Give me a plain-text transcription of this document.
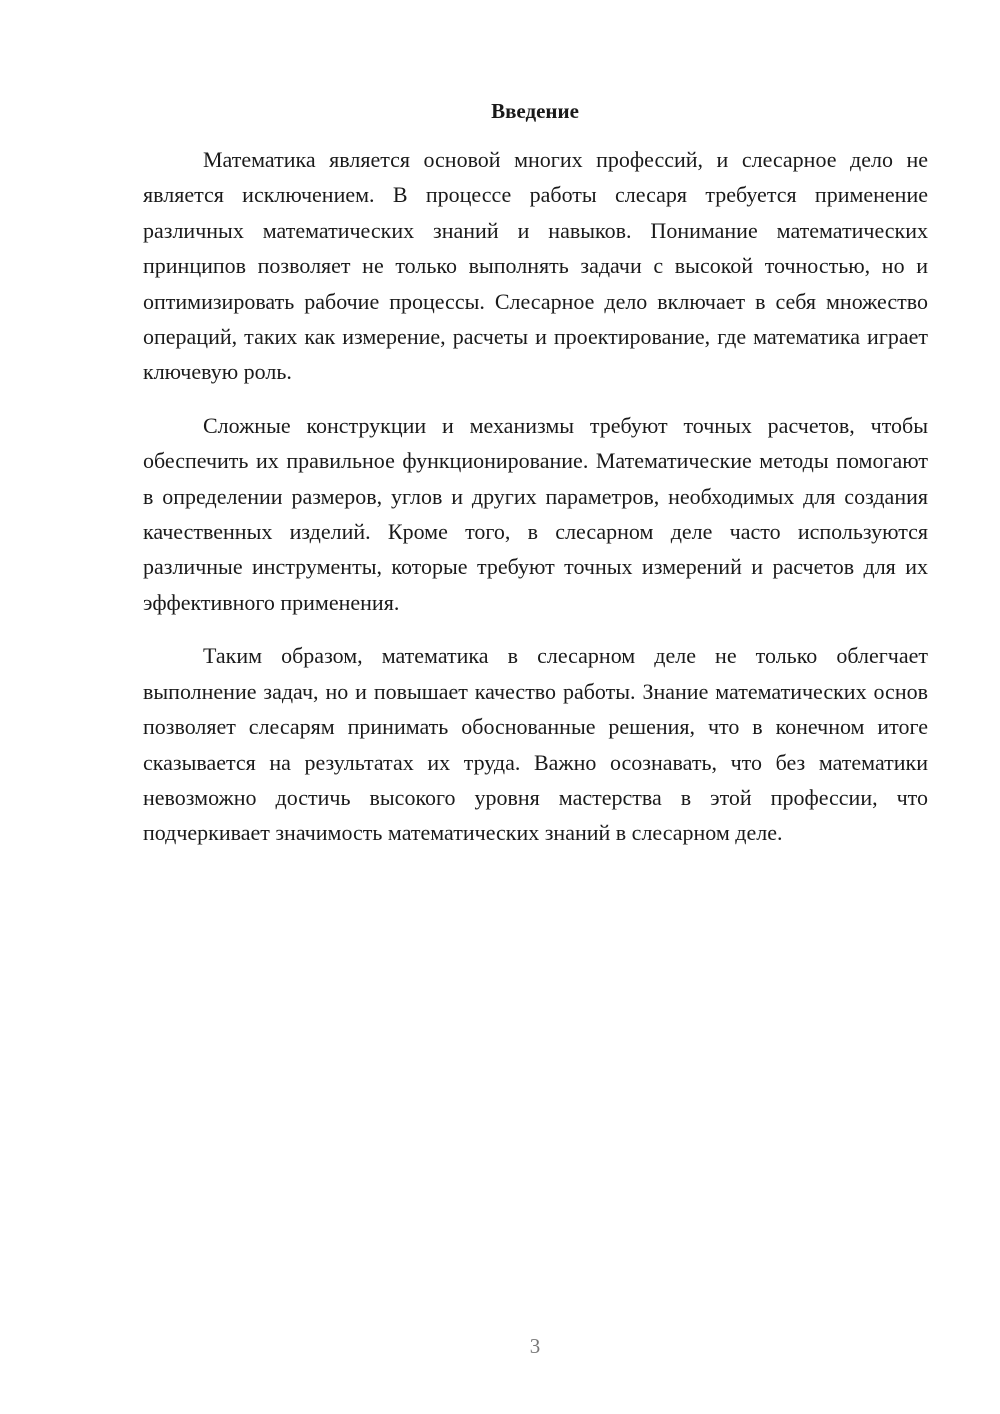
Введение

Математика является основой многих профессий, и слесарное дело не является исключением. В процессе работы слесаря требуется применение различных математических знаний и навыков. Понимание математических принципов позволяет не только выполнять задачи с высокой точностью, но и оптимизировать рабочие процессы. Слесарное дело включает в себя множество операций, таких как измерение, расчеты и проектирование, где математика играет ключевую роль.

Сложные конструкции и механизмы требуют точных расчетов, чтобы обеспечить их правильное функционирование. Математические методы помогают в определении размеров, углов и других параметров, необходимых для создания качественных изделий. Кроме того, в слесарном деле часто используются различные инструменты, которые требуют точных измерений и расчетов для их эффективного применения.

Таким образом, математика в слесарном деле не только облегчает выполнение задач, но и повышает качество работы. Знание математических основ позволяет слесарям принимать обоснованные решения, что в конечном итоге сказывается на результатах их труда. Важно осознавать, что без математики невозможно достичь высокого уровня мастерства в этой профессии, что подчеркивает значимость математических знаний в слесарном деле.

3
